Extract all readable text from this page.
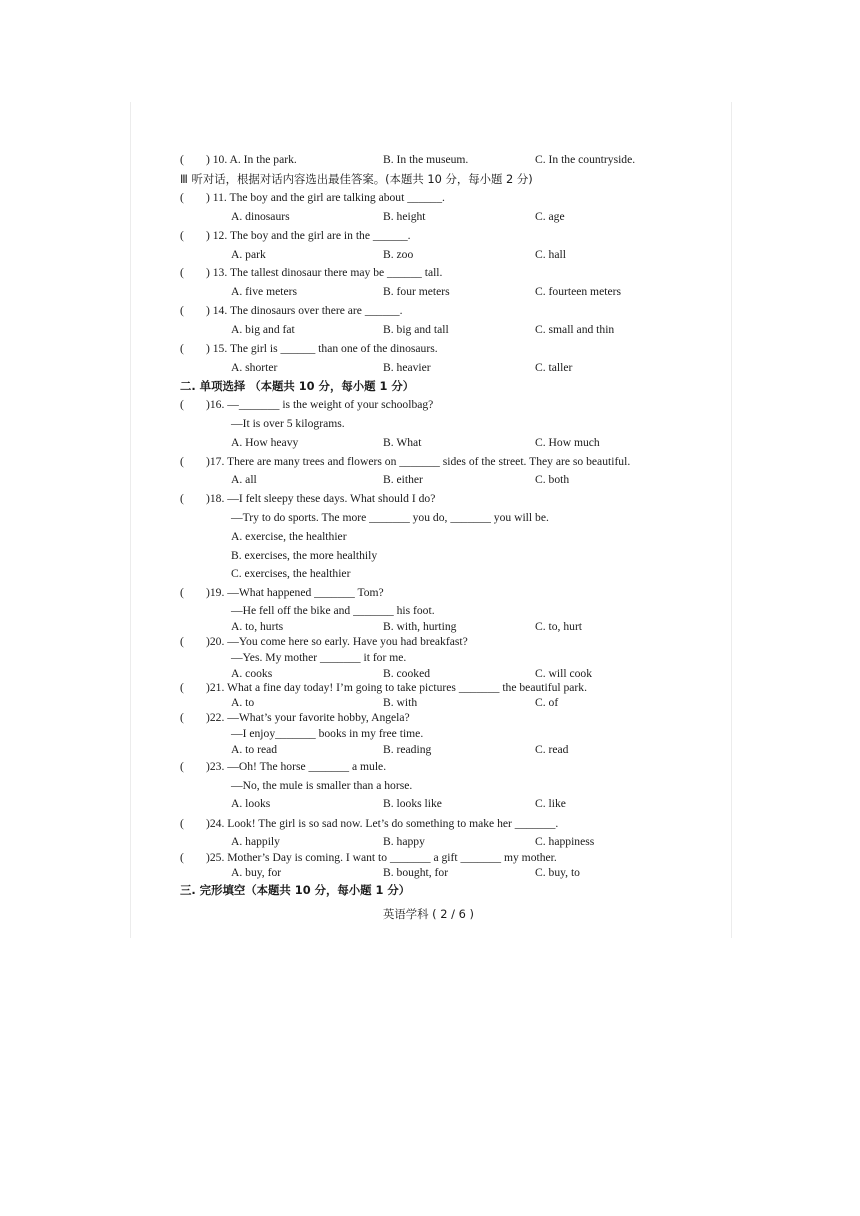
( ) 10. A. In the park.	B. In the museum.	C. In the countryside.
Ⅲ 听对话，根据对话内容选出最佳答案。(本题共 10 分，每小题 2 分)
( ) 11. The boy and the girl are talking about ______.
A. dinosaurs	B. height	C. age
( ) 12. The boy and the girl are in the ______.
A. park	B. zoo	C. hall
( ) 13. The tallest dinosaur there may be ______ tall.
A. five meters	B. four meters	C. fourteen meters
( ) 14. The dinosaurs over there are ______.
A. big and fat	B. big and tall	C. small and thin
( ) 15. The girl is ______ than one of the dinosaurs.
A. shorter	B. heavier	C. taller
二. 单项选择 （本题共 10 分，每小题 1 分）
( )16. —_______ is the weight of your schoolbag?
—It is over 5 kilograms.
A. How heavy	B. What	C. How much
( )17. There are many trees and flowers on _______ sides of the street. They are so beautiful.
A. all	B. either	C. both
( )18. —I felt sleepy these days. What should I do?
—Try to do sports. The more _______ you do, _______ you will be.
A. exercise, the healthier
B. exercises, the more healthily
C. exercises, the healthier
( )19. —What happened _______ Tom?
—He fell off the bike and _______ his foot.
A. to, hurts	B. with, hurting	C. to, hurt
( )20. —You come here so early. Have you had breakfast?
—Yes. My mother _______ it for me.
A. cooks	B. cooked	C. will cook
( )21. What a fine day today! I’m going to take pictures _______ the beautiful park.
A. to	B. with	C. of
( )22. —What’s your favorite hobby, Angela?
—I enjoy_______ books in my free time.
A. to read	B. reading	C. read
( )23. —Oh! The horse _______ a mule.
—No, the mule is smaller than a horse.
A. looks	B. looks like	C. like
( )24. Look! The girl is so sad now. Let’s do something to make her _______.
A. happily	B. happy	C. happiness
( )25. Mother’s Day is coming. I want to _______ a gift _______ my mother.
A. buy, for	B. bought, for	C. buy, to
三. 完形填空（本题共 10 分，每小题 1 分）
英语学科 ( 2 / 6 )
